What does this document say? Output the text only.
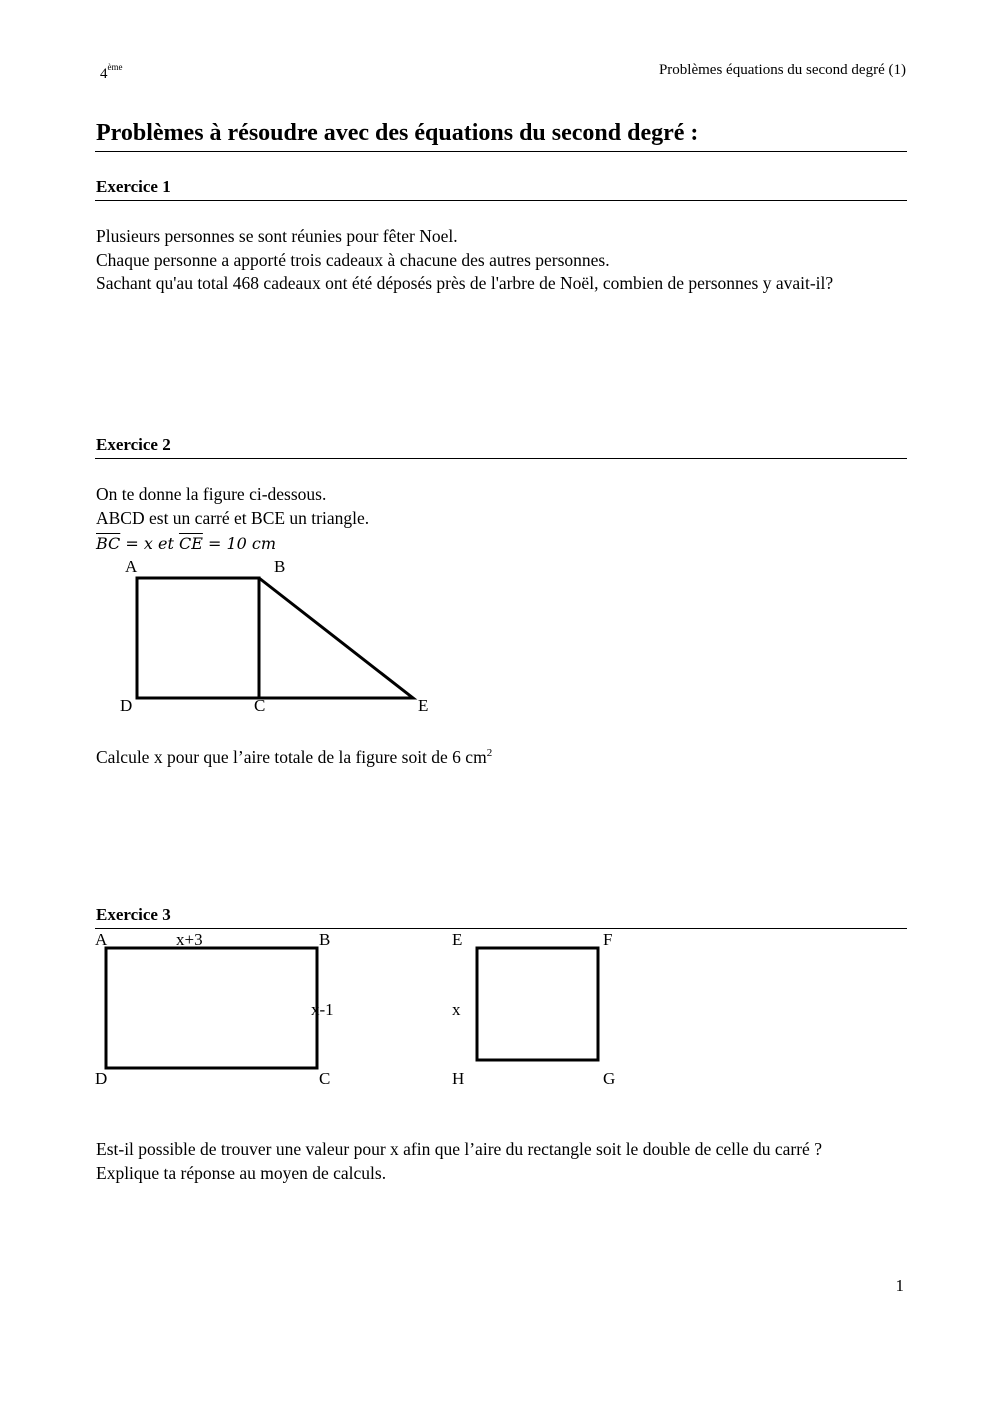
4ème	Problèmes équations du second degré (1)
Problèmes à résoudre avec des équations du second degré :
Exercice 1

Plusieurs personnes se sont réunies pour fêter Noel.

Chaque personne a apporté trois cadeaux à chacune des autres personnes.

Sachant qu'au total 468 cadeaux ont été déposés près de l'arbre de Noël, combien de personnes y avait-il?

Exercice 2

On te donne la figure ci-dessous.

ABCD est un carré et BCE un triangle.

$\overline{BC} = x$ et $\overline{CE} = 10$ cm

A	B
D	C	E
Calcule x pour que l’aire totale de la figure soit de 6 $cm^2$
Exercice 3
A	x+3	B
x-1
D	C
E	F
x
H	G
Est-il possible de trouver une valeur pour x afin que l’aire du rectangle soit le double de celle du carré ? Explique ta réponse au moyen de calculs.
1
